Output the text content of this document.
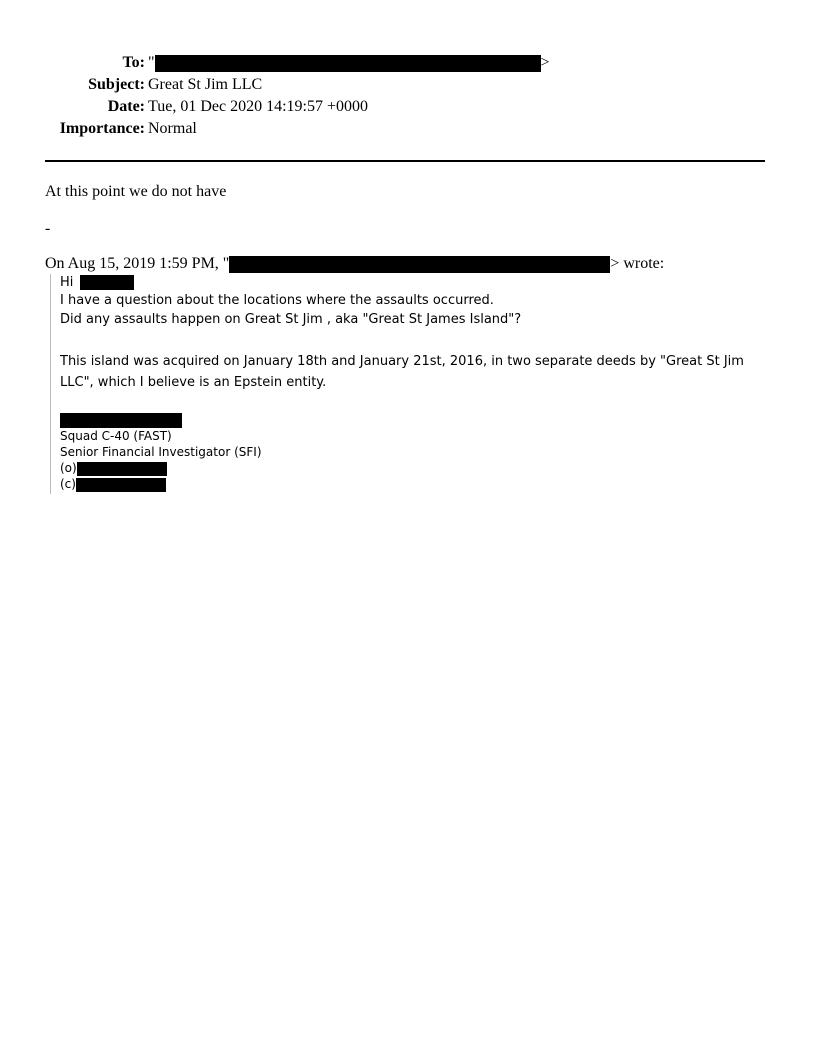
To: "	>
Subject: Great St Jim LLC
Date: Tue, 01 Dec 2020 14:19:57 +0000
Importance: Normal
At this point we do not have
-
On Aug 15, 2019 1:59 PM, "	> wrote:
Hi
I have a question about the locations where the assaults occurred.
Did any assaults happen on Great St Jim , aka "Great St James Island"?
This island was acquired on January 18th and January 21st, 2016, in two separate deeds by "Great St Jim
LLC", which I believe is an Epstein entity.
Squad C-40 (FAST)
Senior Financial Investigator (SFI)
(o)
(c)
